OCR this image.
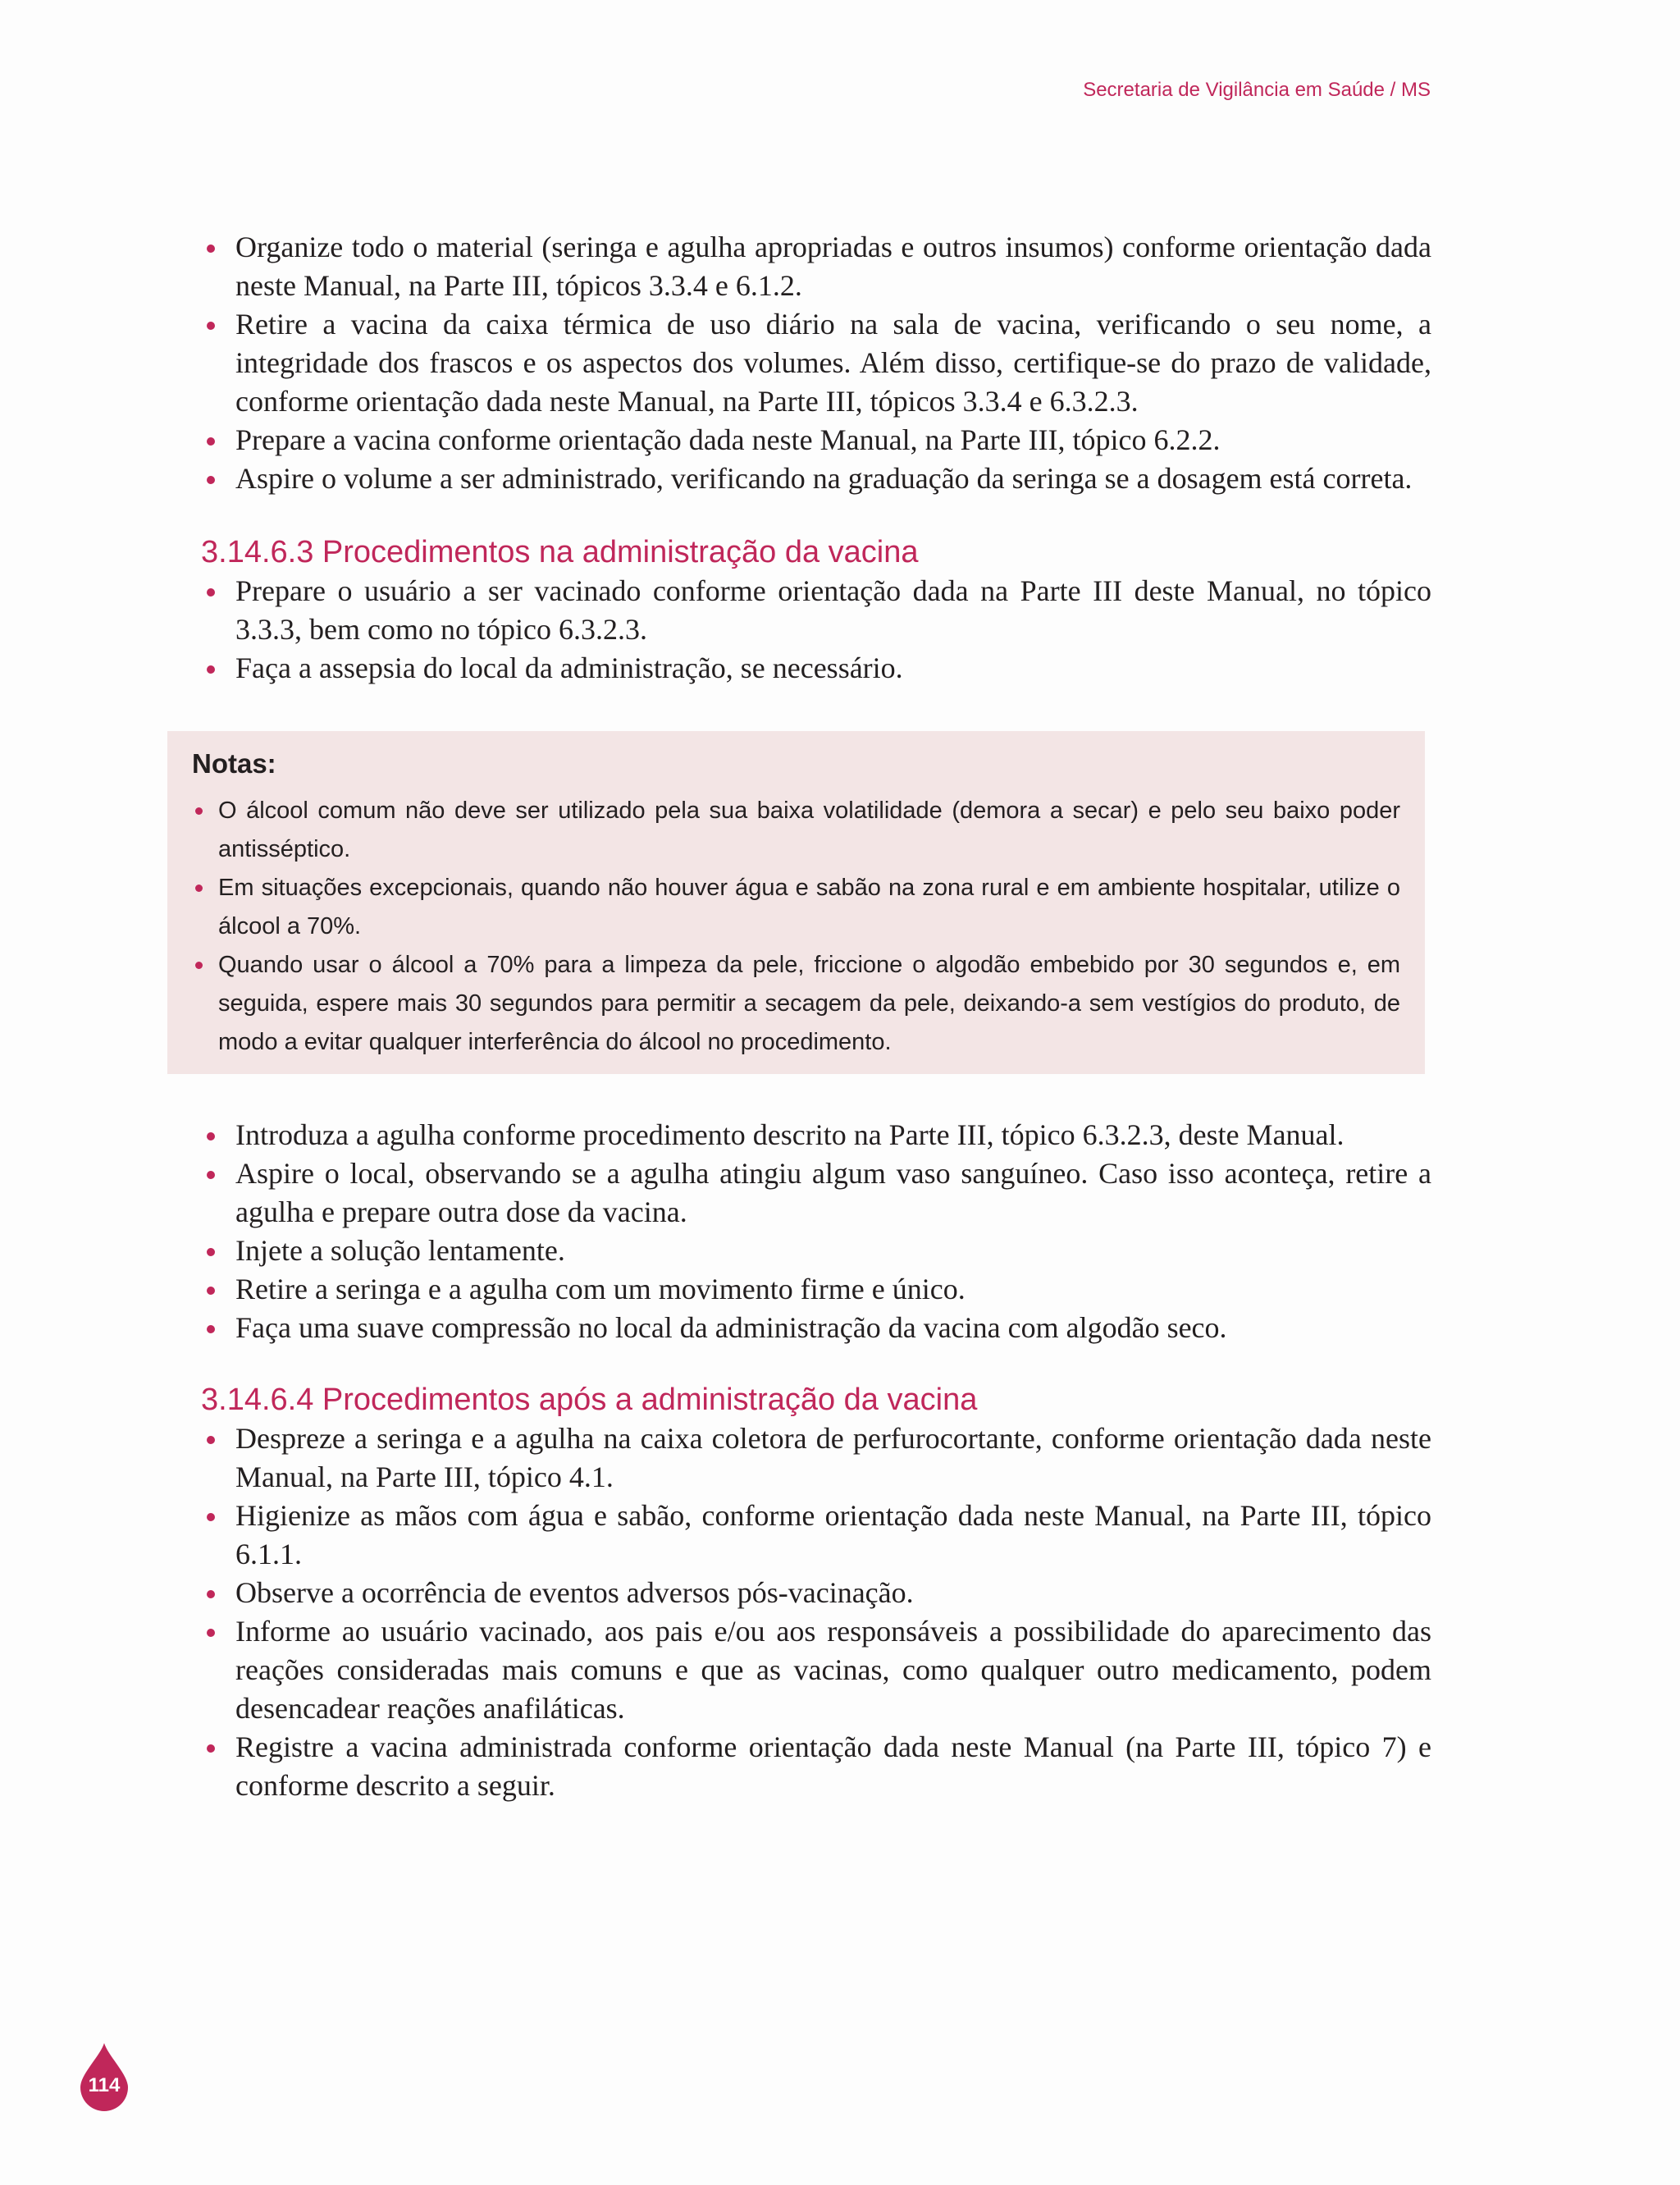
Secretaria de Vigilância em Saúde / MS
Organize todo o material (seringa e agulha apropriadas e outros insumos) conforme orientação dada neste Manual, na Parte III, tópicos 3.3.4 e 6.1.2.
Retire a vacina da caixa térmica de uso diário na sala de vacina, verificando o seu nome, a integridade dos frascos e os aspectos dos volumes. Além disso, certifique-se do prazo de validade, conforme orientação dada neste Manual, na Parte III, tópicos 3.3.4 e 6.3.2.3.
Prepare a vacina conforme orientação dada neste Manual, na Parte III, tópico 6.2.2.
Aspire o volume a ser administrado, verificando na graduação da seringa se a dosagem está correta.
3.14.6.3 Procedimentos na administração da vacina
Prepare o usuário a ser vacinado conforme orientação dada na Parte III deste Manual, no tópico 3.3.3, bem como no tópico 6.3.2.3.
Faça a assepsia do local da administração, se necessário.
Notas:
O álcool comum não deve ser utilizado pela sua baixa volatilidade (demora a secar) e pelo seu baixo poder antisséptico.
Em situações excepcionais, quando não houver água e sabão na zona rural e em ambiente hospitalar, utilize o álcool a 70%.
Quando usar o álcool a 70% para a limpeza da pele, friccione o algodão embebido por 30 segundos e, em seguida, espere mais 30 segundos para permitir a secagem da pele, deixando-a sem vestígios do produto, de modo a evitar qualquer interferência do álcool no procedimento.
Introduza a agulha conforme procedimento descrito na Parte III, tópico 6.3.2.3, deste Manual.
Aspire o local, observando se a agulha atingiu algum vaso sanguíneo. Caso isso aconteça, retire a agulha e prepare outra dose da vacina.
Injete a solução lentamente.
Retire a seringa e a agulha com um movimento firme e único.
Faça uma suave compressão no local da administração da vacina com algodão seco.
3.14.6.4 Procedimentos após a administração da vacina
Despreze a seringa e a agulha na caixa coletora de perfurocortante, conforme orientação dada neste Manual, na Parte III, tópico 4.1.
Higienize as mãos com água e sabão, conforme orientação dada neste Manual, na Parte III, tópico 6.1.1.
Observe a ocorrência de eventos adversos pós-vacinação.
Informe ao usuário vacinado, aos pais e/ou aos responsáveis a possibilidade do aparecimento das reações consideradas mais comuns e que as vacinas, como qualquer outro medicamento, podem desencadear reações anafiláticas.
Registre a vacina administrada conforme orientação dada neste Manual (na Parte III, tópico 7) e conforme descrito a seguir.
114
